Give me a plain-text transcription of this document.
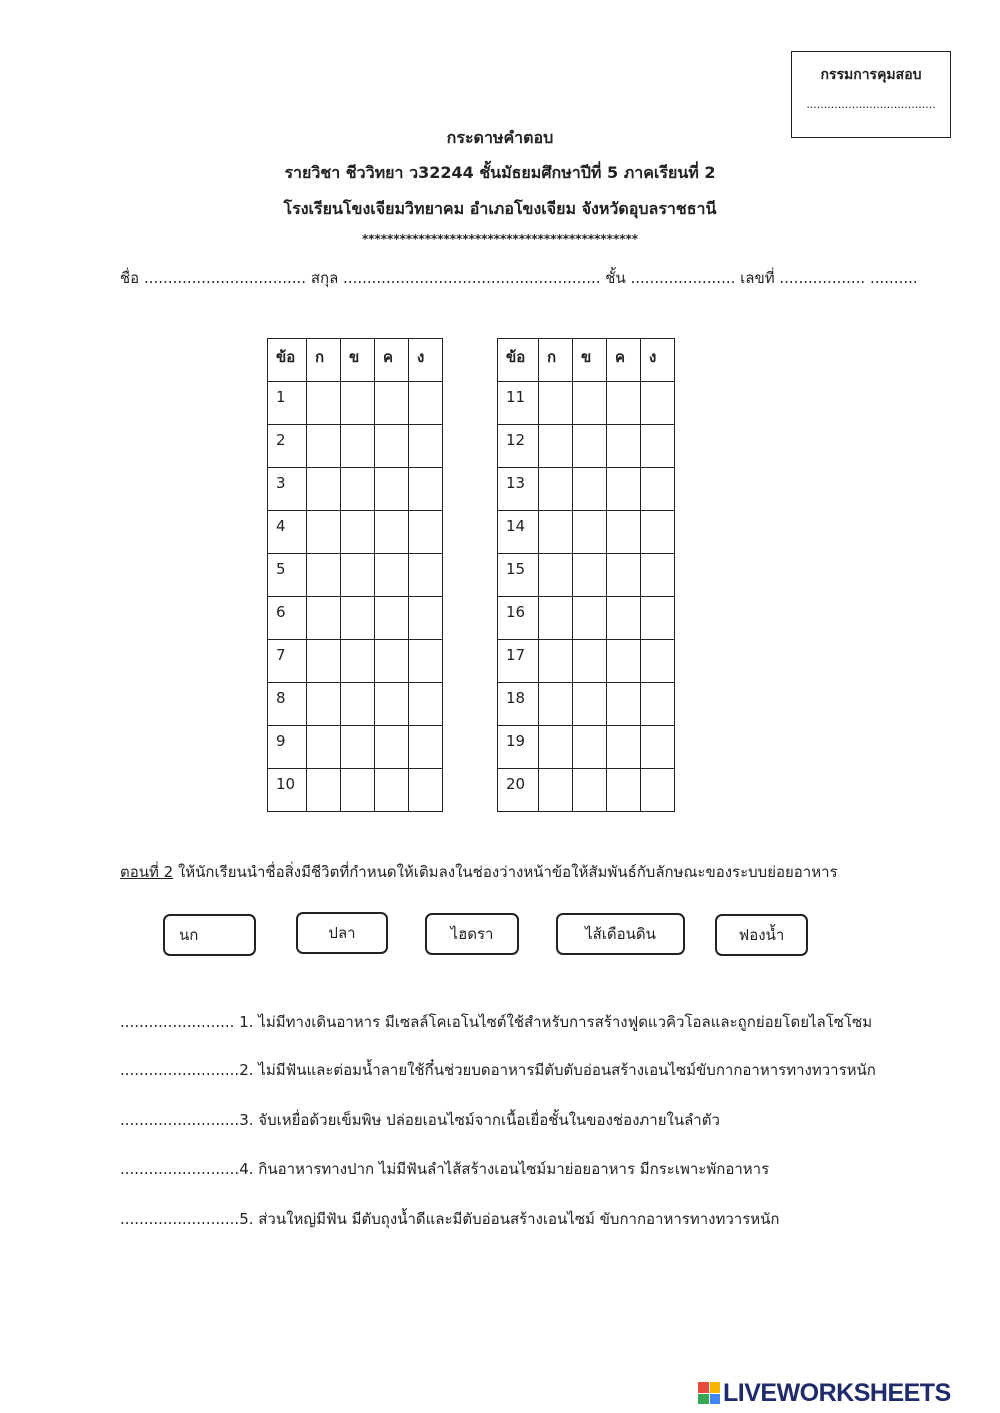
กรรมการคุมสอบ
.....................................
กระดาษคำตอบ
รายวิชา ชีววิทยา ว32244 ชั้นมัธยมศึกษาปีที่ 5 ภาคเรียนที่ 2
โรงเรียนโขงเจียมวิทยาคม อำเภอโขงเจียม จังหวัดอุบลราชธานี
********************************************
ชื่อ .................................. สกุล ...................................................... ชั้น ...................... เลขที่ .................. ..........
ข้อ	ก	ข	ค	ง
1				
2				
3				
4				
5				
6				
7				
8				
9				
10				
ข้อ	ก	ข	ค	ง
11				
12				
13				
14				
15				
16				
17				
18				
19				
20				
ตอนที่ 2 ให้นักเรียนนำชื่อสิ่งมีชีวิตที่กำหนดให้เติมลงในช่องว่างหน้าข้อให้สัมพันธ์กับลักษณะของระบบย่อยอาหาร
นก	ปลา	ไฮดรา	ไส้เดือนดิน	ฟองน้ำ
........................ 1. ไม่มีทางเดินอาหาร มีเซลล์โคเอโนไซต์ใช้สำหรับการสร้างฟูดแวคิวโอลและถูกย่อยโดยไลโซโซม
.........................2. ไม่มีฟันและต่อมน้ำลายใช้กึ๋นช่วยบดอาหารมีตับตับอ่อนสร้างเอนไซม์ขับกากอาหารทางทวารหนัก
.........................3. จับเหยื่อด้วยเข็มพิษ ปล่อยเอนไซม์จากเนื้อเยื่อชั้นในของช่องภายในลำตัว
.........................4. กินอาหารทางปาก ไม่มีฟันลำไส้สร้างเอนไซม์มาย่อยอาหาร มีกระเพาะพักอาหาร
.........................5. ส่วนใหญ่มีฟัน มีตับถุงน้ำดีและมีตับอ่อนสร้างเอนไซม์ ขับกากอาหารทางทวารหนัก
LIVEWORKSHEETS
